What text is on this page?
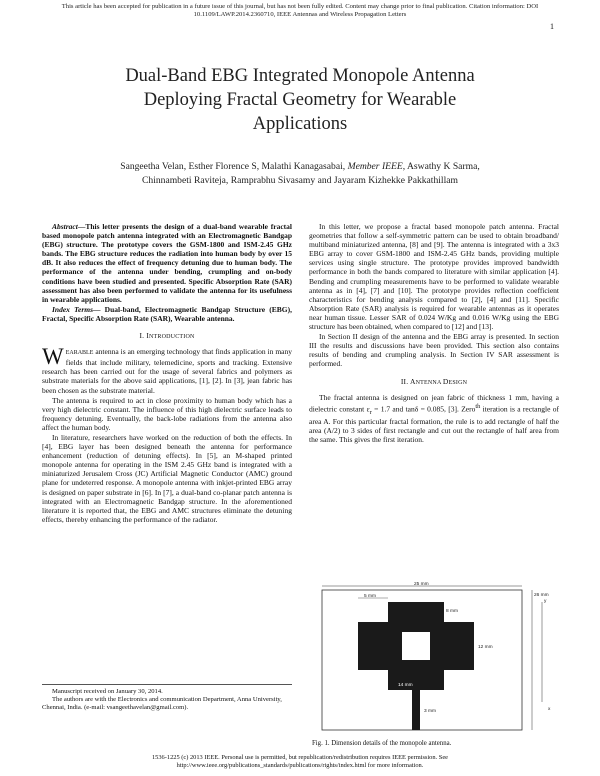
This article has been accepted for publication in a future issue of this journal, but has not been fully edited. Content may change prior to final publication. Citation information: DOI
10.1109/LAWP.2014.2360710, IEEE Antennas and Wireless Propagation Letters
1
Dual-Band EBG Integrated Monopole Antenna
Deploying Fractal Geometry for Wearable
Applications
Sangeetha Velan, Esther Florence S, Malathi Kanagasabai, Member IEEE, Aswathy K Sarma,
Chinnambeti Raviteja, Ramprabhu Sivasamy and Jayaram Kizhekke Pakkathillam

Abstract—This letter presents the design of a dual-band wearable fractal based monopole patch antenna integrated with an Electromagnetic Bandgap (EBG) structure. The prototype covers the GSM-1800 and ISM-2.45 GHz bands. The EBG structure reduces the radiation into human body by over 15 dB. It also reduces the effect of frequency detuning due to human body. The performance of the antenna under bending, crumpling and on-body conditions have been studied and presented. Specific Absorption Rate (SAR) assessment has also been performed to validate the antenna for its usefulness in wearable applications.

Index Terms— Dual-band, Electromagnetic Bandgap Structure (EBG), Fractal, Specific Absorption Rate (SAR), Wearable antenna.

I. INTRODUCTION

WEARABLE antenna is an emerging technology that finds application in many fields that include military, telemedicine, sports and tracking. Extensive research has been carried out for the usage of several fabrics and polymers as substrate materials for the above said applications, [1], [2]. In [3], jean fabric has been chosen as the substrate material.

The antenna is required to act in close proximity to human body which has a very high dielectric constant. The influence of this high dielectric surface leads to frequency detuning. Eventually, the back-lobe radiations from the antenna also affect the human body.

In literature, researchers have worked on the reduction of both the effects. In [4], EBG layer has been designed beneath the antenna for performance enhancement (reduction of detuning effects). In [5], an M-shaped printed monopole antenna for operating in the ISM 2.45 GHz band is integrated with a miniaturized Jerusalem Cross (JC) Artificial Magnetic Conductor (AMC) ground plane for undeterred response. A monopole antenna with inkjet-printed EBG array is designed on paper substrate in [6]. In [7], a dual-band co-planar patch antenna is integrated with an Electromagnetic Bandgap structure. In the aforementioned literature it is reported that, the EBG and AMC structures eliminate the detuning effects, thereby enhancing the performance of the radiator.

Manuscript received on January 30, 2014.

The authors are with the Electronics and communication Department, Anna University, Chennai, India. (e-mail: vsangeethavelan@gmail.com).

In this letter, we propose a fractal based monopole patch antenna. Fractal geometries that follow a self-symmetric pattern can be used to obtain broadband/ multiband miniaturized antenna, [8] and [9]. The antenna is integrated with a 3x3 EBG array to cover GSM-1800 and ISM-2.45 GHz bands, providing multiple services using single structure. The prototype provides improved bandwidth performance in both the bands compared to literature with similar application [4]. Bending and crumpling measurements have to be performed to validate wearable antenna as in [4], [7] and [10]. The prototype provides reflection coefficient characteristics for bending analysis compared to [2], [4] and [11]. Specific Absorption Rate (SAR) analysis is required for wearable antennas as it operates near human tissue. Lesser SAR of 0.024 W/Kg and 0.016 W/Kg using the EBG structure has been obtained, when compared to [12] and [13].

In Section II design of the antenna and the EBG array is presented. In section III the results and discussions have been provided. This section also contains results of bending and crumpling analysis. In Section IV SAR assessment is performed.

II. ANTENNA DESIGN

The fractal antenna is designed on jean fabric of thickness 1 mm, having a dielectric constant $\varepsilon_r = 1.7$ and tanδ = 0.085, [3]. Zero$^{th}$ iteration is a rectangle of area A. For this particular fractal formation, the rule is to add rectangle of half the area (A/2) to 3 sides of first rectangle and cut out the rectangle of half area from the same. This gives the first iteration.

25 mm
5 mm
8 mm
12 mm
14 mm
3 mm
26 mm
y
x
Fig. 1. Dimension details of the monopole antenna.
1536-1225 (c) 2013 IEEE. Personal use is permitted, but republication/redistribution requires IEEE permission. See
http://www.ieee.org/publications_standards/publications/rights/index.html for more information.
